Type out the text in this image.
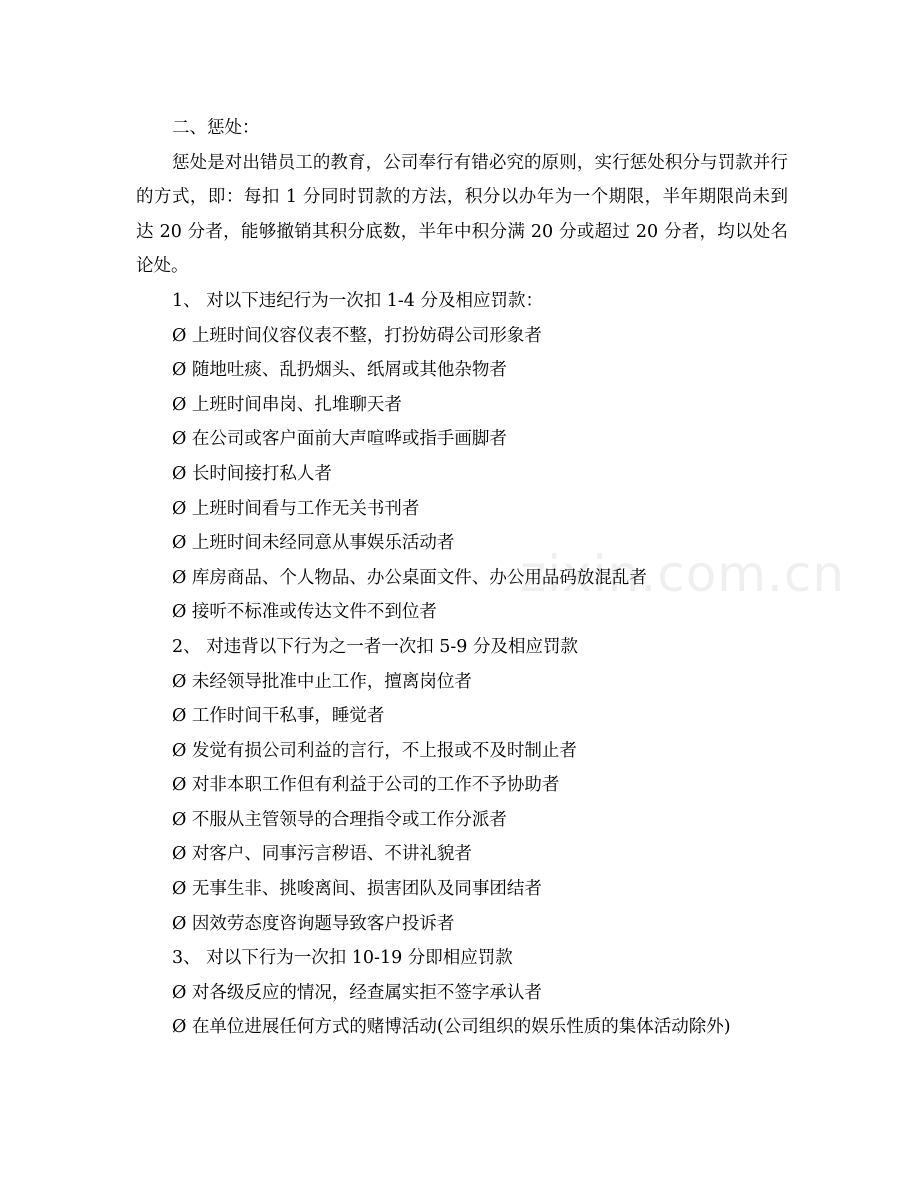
二、惩处：

惩处是对出错员工的教育，公司奉行有错必究的原则，实行惩处积分与罚款并行的方式，即：每扣 1 分同时罚款的方法，积分以办年为一个期限，半年期限尚未到达 20 分者，能够撤销其积分底数，半年中积分满 20 分或超过 20 分者，均以处名论处。

1、 对以下违纪行为一次扣 1-4 分及相应罚款：

Ø 上班时间仪容仪表不整，打扮妨碍公司形象者

Ø 随地吐痰、乱扔烟头、纸屑或其他杂物者

Ø 上班时间串岗、扎堆聊天者

Ø 在公司或客户面前大声喧哗或指手画脚者

Ø 长时间接打私人者

Ø 上班时间看与工作无关书刊者

Ø 上班时间未经同意从事娱乐活动者

Ø 库房商品、个人物品、办公桌面文件、办公用品码放混乱者

Ø 接听不标准或传达文件不到位者

2、 对违背以下行为之一者一次扣 5-9 分及相应罚款

Ø 未经领导批准中止工作，擅离岗位者

Ø 工作时间干私事，睡觉者

Ø 发觉有损公司利益的言行，不上报或不及时制止者

Ø 对非本职工作但有利益于公司的工作不予协助者

Ø 不服从主管领导的合理指令或工作分派者

Ø 对客户、同事污言秽语、不讲礼貌者

Ø 无事生非、挑唆离间、损害团队及同事团结者

Ø 因效劳态度咨询题导致客户投诉者

3、 对以下行为一次扣 10-19 分即相应罚款

Ø 对各级反应的情况，经查属实拒不签字承认者

Ø 在单位进展任何方式的赌博活动(公司组织的娱乐性质的集体活动除外)

zixin.com.cn
